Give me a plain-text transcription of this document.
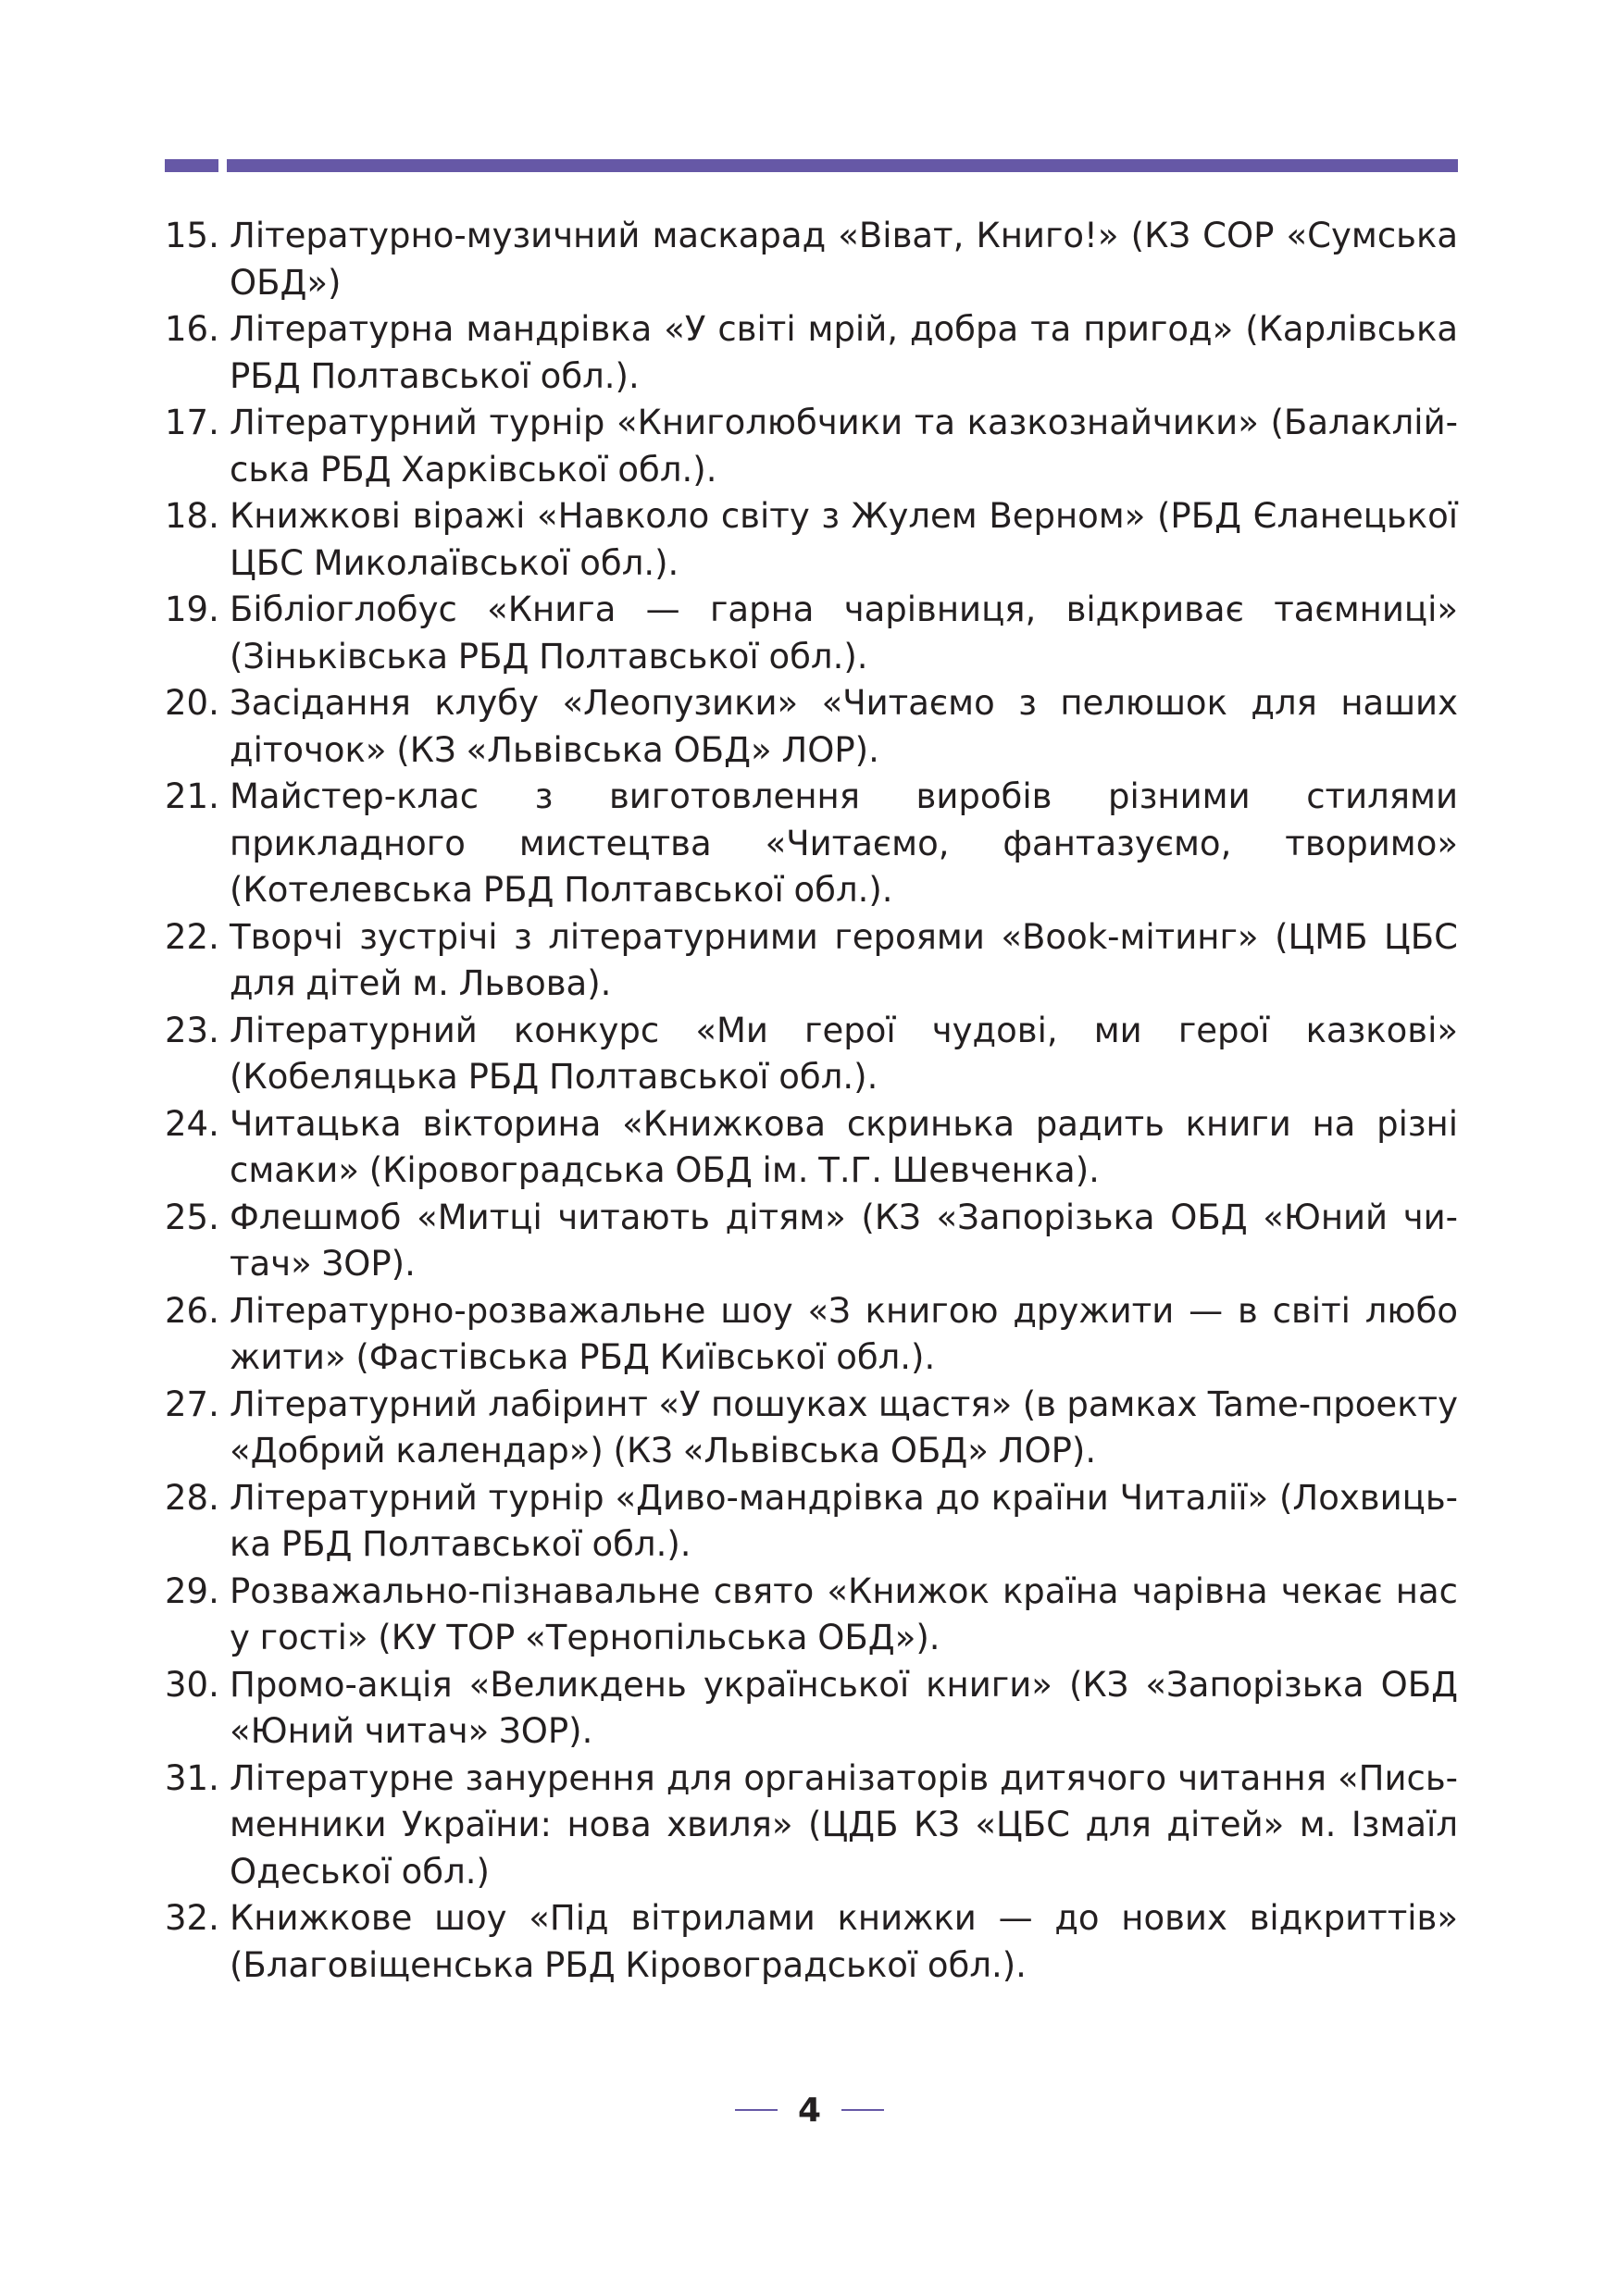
15. Літературно-музичний маскарад «Віват, Книго!» (КЗ СОР «Сумська ОБД»)
16. Літературна мандрівка «У світі мрій, добра та пригод» (Карлівська РБД Полтавської обл.).
17. Літературний турнір «Книголюбчики та казкознайчики» (Балаклійська РБД Харківської обл.).
18. Книжкові віражі «Навколо світу з Жулем Верном» (РБД Єланецької ЦБС Миколаївської обл.).
19. Бібліоглобус «Книга — гарна чарівниця, відкриває таємниці» (Зіньківська РБД Полтавської обл.).
20. Засідання клубу «Леопузики» «Читаємо з пелюшок для наших діточок» (КЗ «Львівська ОБД» ЛОР).
21. Майстер-клас з виготовлення виробів різними стилями прикладного мистецтва «Читаємо, фантазуємо, творимо» (Котелевська РБД Полтавської обл.).
22. Творчі зустрічі з літературними героями «Book-мітинг» (ЦМБ ЦБС для дітей м. Львова).
23. Літературний конкурс «Ми герої чудові, ми герої казкові» (Кобеляцька РБД Полтавської обл.).
24. Читацька вікторина «Книжкова скринька радить книги на різні смаки» (Кіровоградська ОБД ім. Т.Г. Шевченка).
25. Флешмоб «Митці читають дітям» (КЗ «Запорізька ОБД «Юний читач» ЗОР).
26. Літературно-розважальне шоу «З книгою дружити — в світі любо жити» (Фастівська РБД Київської обл.).
27. Літературний лабіринт «У пошуках щастя» (в рамках Tame-проекту «Добрий календар») (КЗ «Львівська ОБД» ЛОР).
28. Літературний турнір «Диво-мандрівка до країни Читалії» (Лохвицька РБД Полтавської обл.).
29. Розважально-пізнавальне свято «Книжок країна чарівна чекає нас у гості» (КУ ТОР «Тернопільська ОБД»).
30. Промо-акція «Великдень української книги» (КЗ «Запорізька ОБД «Юний читач» ЗОР).
31. Літературне занурення для організаторів дитячого читання «Письменники України: нова хвиля» (ЦДБ КЗ «ЦБС для дітей» м. Ізмаїл Одеської обл.)
32. Книжкове шоу «Під вітрилами книжки — до нових відкриттів» (Благовіщенська РБД Кіровоградської обл.).
4
